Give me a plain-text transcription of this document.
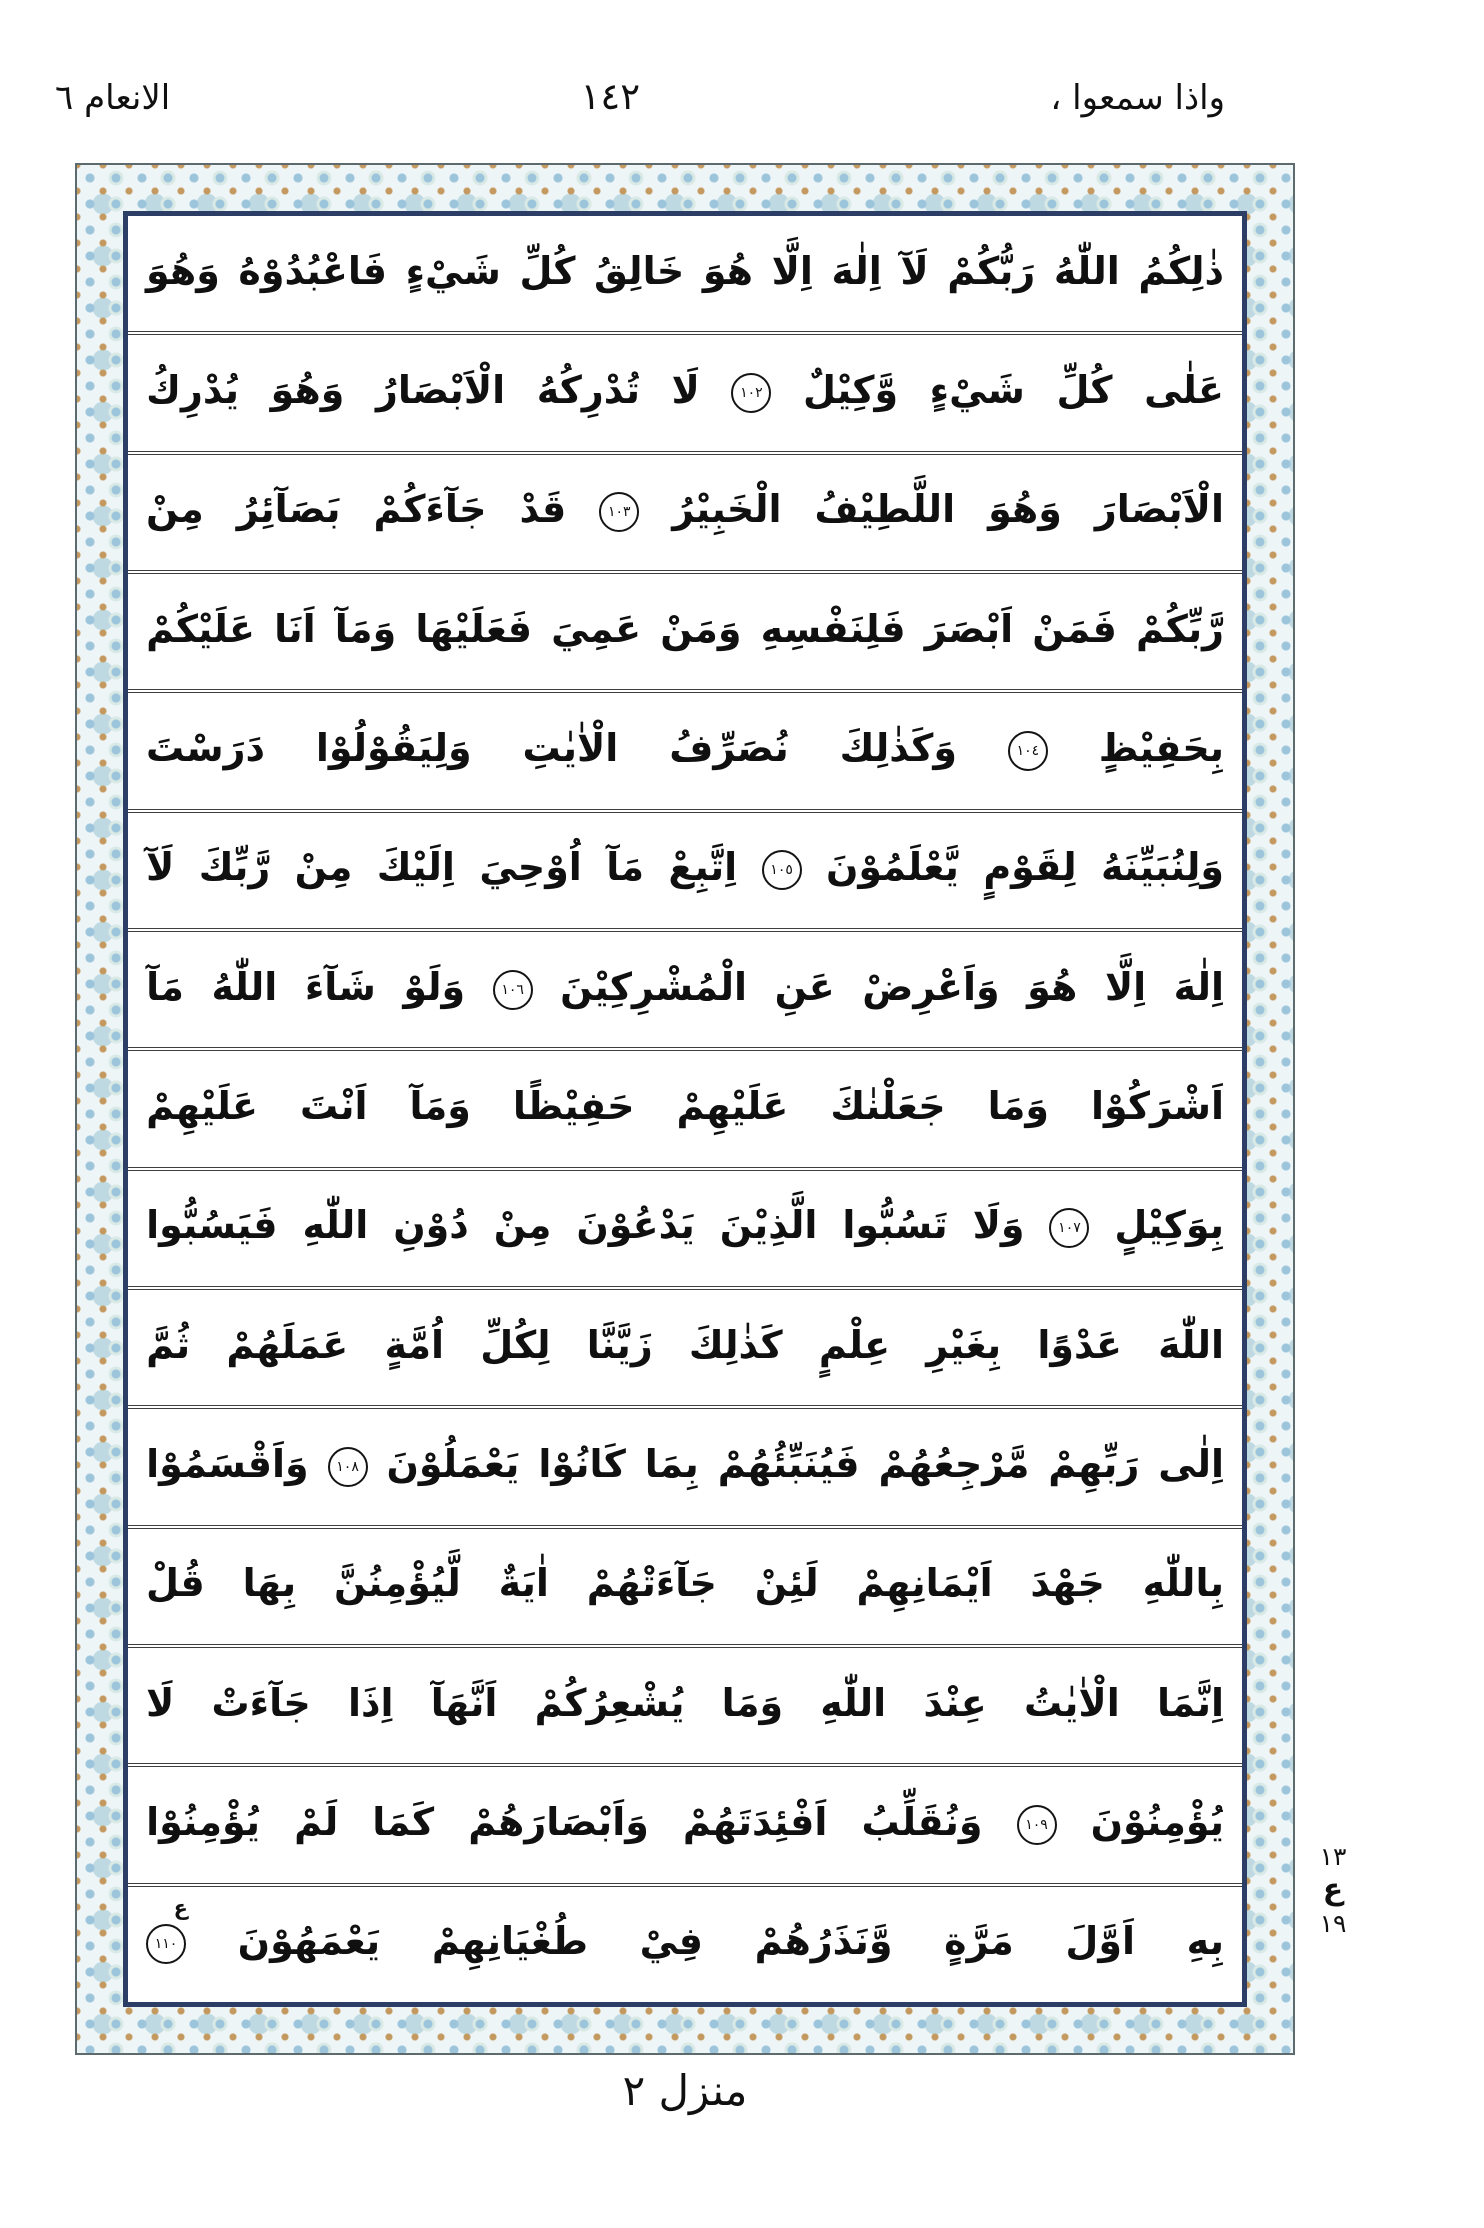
واذا سمعوا ،
١٤٢
الانعام ٦
ذٰلِكُمُ
اللّٰهُ
رَبُّكُمْ
لَآ
اِلٰهَ
اِلَّا
هُوَ
خَالِقُ
كُلِّ
شَيْءٍ
فَاعْبُدُوْهُ
وَهُوَ
عَلٰى
كُلِّ
شَيْءٍ
وَّكِيْلٌ
١٠٢
لَا
تُدْرِكُهُ
الْاَبْصَارُ
وَهُوَ
يُدْرِكُ
الْاَبْصَارَ
وَهُوَ
اللَّطِيْفُ
الْخَبِيْرُ
١٠٣
قَدْ
جَآءَكُمْ
بَصَآئِرُ
مِنْ
رَّبِّكُمْ
فَمَنْ
اَبْصَرَ
فَلِنَفْسِهِ
وَمَنْ
عَمِيَ
فَعَلَيْهَا
وَمَآ
اَنَا
عَلَيْكُمْ
بِحَفِيْظٍ
١٠٤
وَكَذٰلِكَ
نُصَرِّفُ
الْاٰيٰتِ
وَلِيَقُوْلُوْا
دَرَسْتَ
وَلِنُبَيِّنَهُ
لِقَوْمٍ
يَّعْلَمُوْنَ
١٠٥
اِتَّبِعْ
مَآ
اُوْحِيَ
اِلَيْكَ
مِنْ
رَّبِّكَ
لَآ
اِلٰهَ
اِلَّا
هُوَ
وَاَعْرِضْ
عَنِ
الْمُشْرِكِيْنَ
١٠٦
وَلَوْ
شَآءَ
اللّٰهُ
مَآ
اَشْرَكُوْا
وَمَا
جَعَلْنٰكَ
عَلَيْهِمْ
حَفِيْظًا
وَمَآ
اَنْتَ
عَلَيْهِمْ
بِوَكِيْلٍ
١٠٧
وَلَا
تَسُبُّوا
الَّذِيْنَ
يَدْعُوْنَ
مِنْ
دُوْنِ
اللّٰهِ
فَيَسُبُّوا
اللّٰهَ
عَدْوًا
بِغَيْرِ
عِلْمٍ
كَذٰلِكَ
زَيَّنَّا
لِكُلِّ
اُمَّةٍ
عَمَلَهُمْ
ثُمَّ
اِلٰى
رَبِّهِمْ
مَّرْجِعُهُمْ
فَيُنَبِّئُهُمْ
بِمَا
كَانُوْا
يَعْمَلُوْنَ
١٠٨
وَاَقْسَمُوْا
بِاللّٰهِ
جَهْدَ
اَيْمَانِهِمْ
لَئِنْ
جَآءَتْهُمْ
اٰيَةٌ
لَّيُؤْمِنُنَّ
بِهَا
قُلْ
اِنَّمَا
الْاٰيٰتُ
عِنْدَ
اللّٰهِ
وَمَا
يُشْعِرُكُمْ
اَنَّهَآ
اِذَا
جَآءَتْ
لَا
يُؤْمِنُوْنَ
١٠٩
وَنُقَلِّبُ
اَفْئِدَتَهُمْ
وَاَبْصَارَهُمْ
كَمَا
لَمْ
يُؤْمِنُوْا
بِهِ
اَوَّلَ
مَرَّةٍ
وَّنَذَرُهُمْ
فِيْ
طُغْيَانِهِمْ
يَعْمَهُوْنَ
١١٠
ع
١٣
ع
١٩
منزل ٢
